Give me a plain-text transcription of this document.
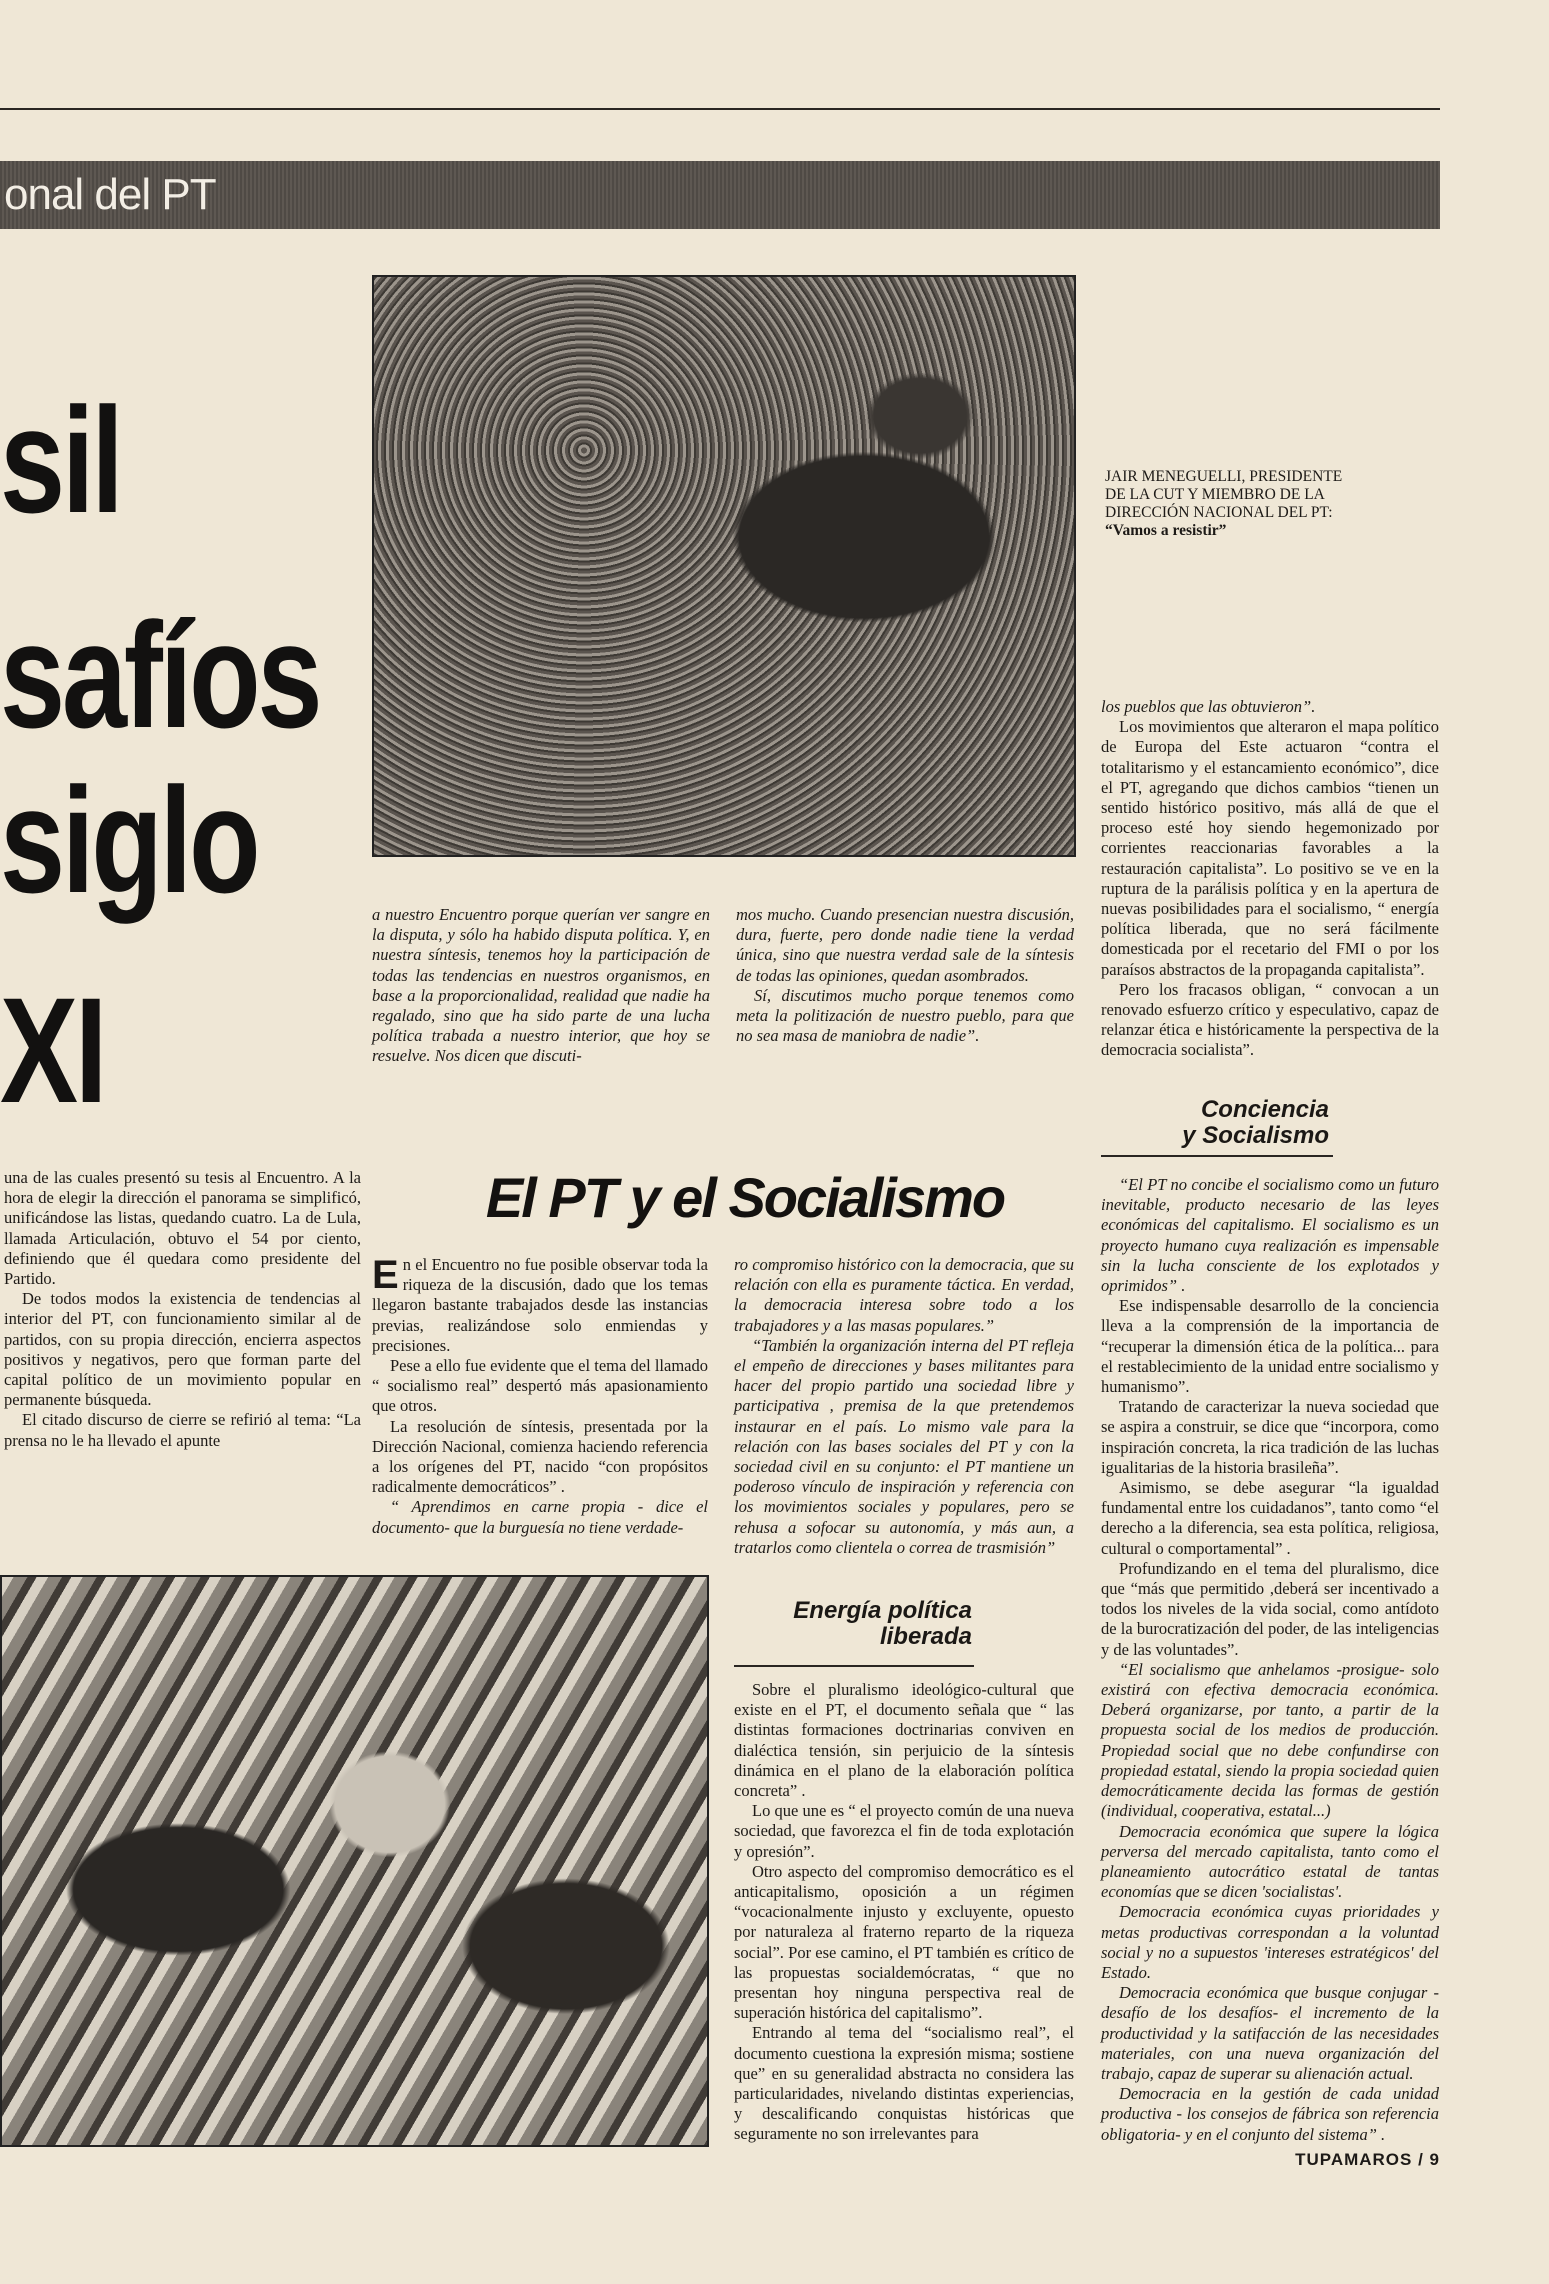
onal del PT
sil
safíos
siglo
XI
JAIR MENEGUELLI, PRESIDENTE DE LA CUT Y MIEMBRO DE LA DIRECCIÓN NACIONAL DEL PT:
“Vamos a resistir”

a nuestro Encuentro porque querían ver sangre en la disputa, y sólo ha habido disputa política. Y, en nuestra síntesis, tenemos hoy la participación de todas las tendencias en nuestros organismos, en base a la proporcionalidad, realidad que nadie ha regalado, sino que ha sido parte de una lucha política trabada a nuestro interior, que hoy se resuelve. Nos dicen que discuti-

mos mucho. Cuando presencian nuestra discusión, dura, fuerte, pero donde nadie tiene la verdad única, sino que nuestra verdad sale de la síntesis de todas las opiniones, quedan asombrados.

Sí, discutimos mucho porque tenemos como meta la politización de nuestro pueblo, para que no sea masa de maniobra de nadie”.

una de las cuales presentó su tesis al Encuentro. A la hora de elegir la dirección el panorama se simplificó, unificándose las listas, quedando cuatro. La de Lula, llamada Articulación, obtuvo el 54 por ciento, definiendo que él quedara como presidente del Partido.

De todos modos la existencia de tendencias al interior del PT, con funcionamiento similar al de partidos, con su propia dirección, encierra aspectos positivos y negativos, pero que forman parte del capital político de un movimiento popular en permanente búsqueda.

El citado discurso de cierre se refirió al tema: “La prensa no le ha llevado el apunte

El PT y el Socialismo

En el Encuentro no fue posible observar toda la riqueza de la discusión, dado que los temas llegaron bastante trabajados desde las instancias previas, realizándose solo enmiendas y precisiones.

Pese a ello fue evidente que el tema del llamado “ socialismo real” despertó más apasionamiento que otros.

La resolución de síntesis, presentada por la Dirección Nacional, comienza haciendo referencia a los orígenes del PT, nacido “con propósitos radicalmente democráticos” .

“ Aprendimos en carne propia - dice el documento- que la burguesía no tiene verdade-

ro compromiso histórico con la democracia, que su relación con ella es puramente táctica. En verdad, la democracia interesa sobre todo a los trabajadores y a las masas populares.”

“También la organización interna del PT refleja el empeño de direcciones y bases militantes para hacer del propio partido una sociedad libre y participativa , premisa de la que pretendemos instaurar en el país. Lo mismo vale para la relación con las bases sociales del PT y con la sociedad civil en su conjunto: el PT mantiene un poderoso vínculo de inspiración y referencia con los movimientos sociales y populares, pero se rehusa a sofocar su autonomía, y más aun, a tratarlos como clientela o correa de trasmisión”

Energía política
liberada

Sobre el pluralismo ideológico-cultural que existe en el PT, el documento señala que “ las distintas formaciones doctrinarias conviven en dialéctica tensión, sin perjuicio de la síntesis dinámica en el plano de la elaboración política concreta” .

Lo que une es “ el proyecto común de una nueva sociedad, que favorezca el fin de toda explotación y opresión”.

Otro aspecto del compromiso democrático es el anticapitalismo, oposición a un régimen “vocacionalmente injusto y excluyente, opuesto por naturaleza al fraterno reparto de la riqueza social”. Por ese camino, el PT también es crítico de las propuestas socialdemócratas, “ que no presentan hoy ninguna perspectiva real de superación histórica del capitalismo”.

Entrando al tema del “socialismo real”, el documento cuestiona la expresión misma; sostiene que” en su generalidad abstracta no considera las particularidades, nivelando distintas experiencias, y descalificando conquistas históricas que seguramente no son irrelevantes para

los pueblos que las obtuvieron”.

Los movimientos que alteraron el mapa político de Europa del Este actuaron “contra el totalitarismo y el estancamiento económico”, dice el PT, agregando que dichos cambios “tienen un sentido histórico positivo, más allá de que el proceso esté hoy siendo hegemonizado por corrientes reaccionarias favorables a la restauración capitalista”. Lo positivo se ve en la ruptura de la parálisis política y en la apertura de nuevas posibilidades para el socialismo, “ energía política liberada, que no será fácilmente domesticada por el recetario del FMI o por los paraísos abstractos de la propaganda capitalista”.

Pero los fracasos obligan, “ convocan a un renovado esfuerzo crítico y especulativo, capaz de relanzar ética e históricamente la perspectiva de la democracia socialista”.

Conciencia
y Socialismo

“El PT no concibe el socialismo como un futuro inevitable, producto necesario de las leyes económicas del capitalismo. El socialismo es un proyecto humano cuya realización es impensable sin la lucha consciente de los explotados y oprimidos” .

Ese indispensable desarrollo de la conciencia lleva a la comprensión de la importancia de “recuperar la dimensión ética de la política... para el restablecimiento de la unidad entre socialismo y humanismo”.

Tratando de caracterizar la nueva sociedad que se aspira a construir, se dice que “incorpora, como inspiración concreta, la rica tradición de las luchas igualitarias de la historia brasileña”.

Asimismo, se debe asegurar “la igualdad fundamental entre los cuidadanos”, tanto como “el derecho a la diferencia, sea esta política, religiosa, cultural o comportamental” .

Profundizando en el tema del pluralismo, dice que “más que permitido ,deberá ser incentivado a todos los niveles de la vida social, como antídoto de la burocratización del poder, de las inteligencias y de las voluntades”.

“El socialismo que anhelamos -prosigue- solo existirá con efectiva democracia económica. Deberá organizarse, por tanto, a partir de la propuesta social de los medios de producción. Propiedad social que no debe confundirse con propiedad estatal, siendo la propia sociedad quien democráticamente decida las formas de gestión (individual, cooperativa, estatal...)

Democracia económica que supere la lógica perversa del mercado capitalista, tanto como el planeamiento autocrático estatal de tantas economías que se dicen 'socialistas'.

Democracia económica cuyas prioridades y metas productivas correspondan a la voluntad social y no a supuestos 'intereses estratégicos' del Estado.

Democracia económica que busque conjugar - desafío de los desafíos- el incremento de la productividad y la satifacción de las necesidades materiales, con una nueva organización del trabajo, capaz de superar su alienación actual.

Democracia en la gestión de cada unidad productiva - los consejos de fábrica son referencia obligatoria- y en el conjunto del sistema” .

TUPAMAROS / 9
